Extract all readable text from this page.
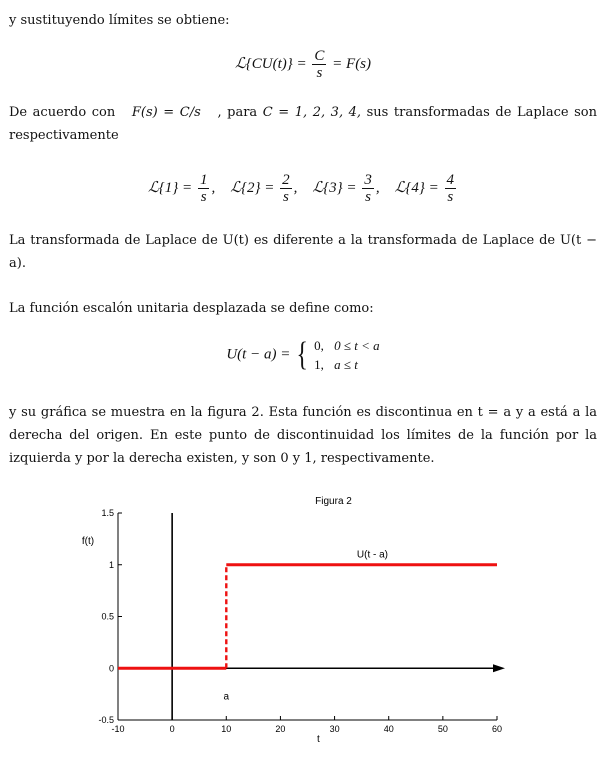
y sustituyendo límites se obtiene:

ℒ{CU(t)} = $\frac{C}{s} = F(s)$

De acuerdo con F(s) = C/s , para C = 1, 2, 3, 4, sus transformadas de Laplace son respectivamente

ℒ{1} = $\frac{1}{s}$ , ℒ{2} = $\frac{2}{s}$ , ℒ{3} = $\frac{3}{s}$ , ℒ{4} = $\frac{4}{s}$

La transformada de Laplace de U(t) es diferente a la transformada de Laplace de U(t − a).

La función escalón unitaria desplazada se define como:

U(t − a) = { 0, 0 ≤ t < a
1, a ≤ t

y su gráfica se muestra en la figura 2. Esta función es discontinua en t = a y a está a la derecha del origen. En este punto de discontinuidad los límites de la función por la izquierda y por la derecha existen, y son 0 y 1, respectivamente.

-0.5
0
0.5
1
1.5
-10	0	10	20	30	40	50	60
Figura 2
f(t)
t
U(t - a)
a
